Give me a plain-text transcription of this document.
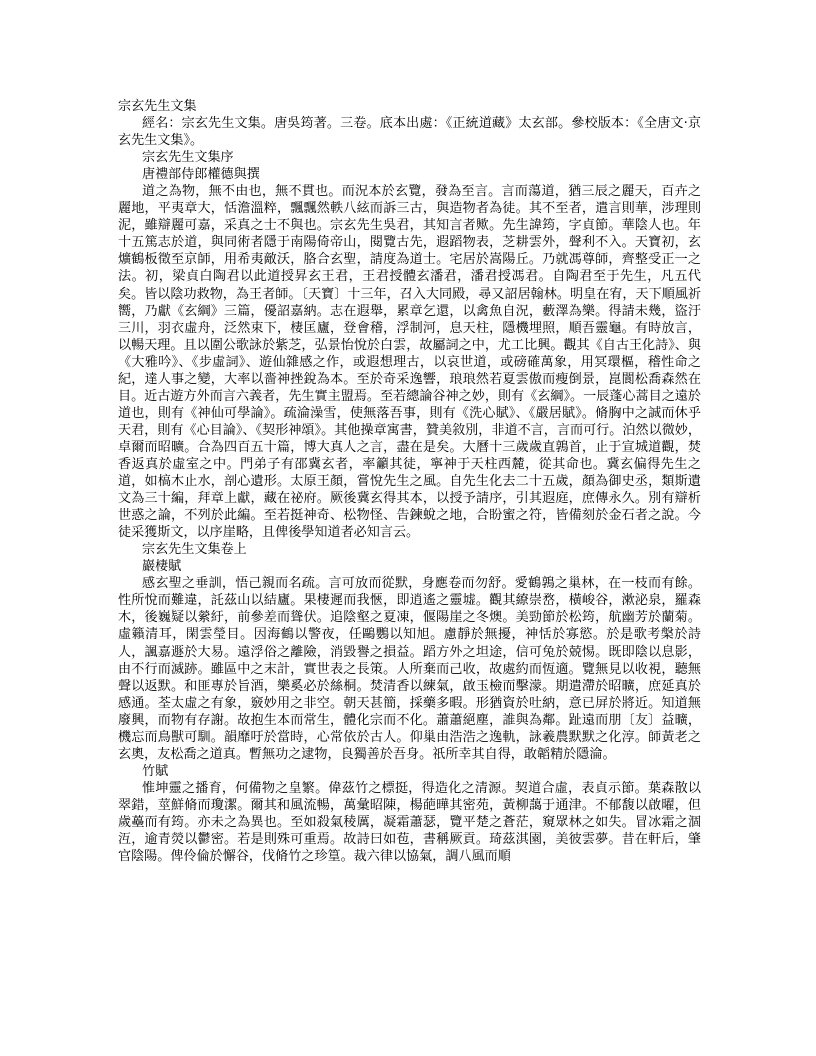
宗玄先生文集

經名：宗玄先生文集。唐吳筠著。三卷。底本出處：《正統道藏》太玄部。參校版本：《全唐文‧京玄先生文集》。

宗玄先生文集序

唐禮部侍郎權德與撰

道之為物，無不由也，無不貫也。而況本於玄覽，發為至言。言而蕩道，猶三辰之麗天，百卉之麗地，平夷章大，恬澹溫粹，飄飄然軼八絃而訴三古，與造物者為徒。其不至者，遣言則華，涉理則泥，雖辯麗可嘉，采真之士不與也。宗玄先生吳君，其知言者歟。先生諱筠，字貞節。華陰人也。年十五篤志於道，與同術者隱于南陽倚帝山，閱覽古先，遐蹈物表，芝耕雲外，聲利不入。天寶初，玄爌鶴板徵至京師，用希夷敵沃，胳合玄聖，請度為道士。宅居於嵩陽丘。乃就馮尊師，齊整受正一之法。初，梁貞白陶君以此道授昇玄王君，王君授體玄潘君，潘君授馮君。自陶君至于先生，凡五代矣。皆以陰功救物，為王者師。〔天寶〕十三年，召入大同殿，尋又詔居翰林。明皇在宥，天下順風祈嚮，乃獻《玄綱》三篇，優詔嘉納。志在遐舉，累章乞還，以禽魚自況，藪澤為樂。得請未幾，盜汙三川，羽衣虛舟，泛然束下，棲匡廬，登會稽，浮制河，息天柱，隱機埋照，順吾靈龜。有時放言，以暢天理。且以圍公歌詠於紫芝，弘景怡悅於白雲，故屬詞之中，尤工比興。觀其《自古王化詩》、與《大雅吟》、《步虛詞》、遊仙雜感之作，或遐想理古，以哀世道，或磅確萬象，用冥環樞，稽性命之紀，達人事之變，大率以嗇神挫銳為本。至於奇采逸響，琅琅然若夏雲傲而瘦倒景，崑閬松喬森然在目。近古遊方外而言六義者，先生實主盟焉。至若總論谷神之妙，則有《玄綱》。一辰蓬心蒿目之遠於道也，則有《神仙可學論》。疏淪澡雪，使無落吾事，則有《洗心賦》、《嚴居賦》。脩胸中之誠而休乎天君，則有《心目論》、《契形神頌》。其他操章寓書，贊美敘別，非道不言，言而可行。泊然以微妙，卓爾而昭曠。合為四百五十篇，博大真人之言，盡在是矣。大曆十三歲歲直鶉首，止于宣城道觀，焚香返真於虛室之中。門弟子有邵冀玄者，率籲其徒，寧神于天柱西麓，從其命也。冀玄偏得先生之道，如槁木止水，剖心遺形。太原王顏，嘗悅先生之風。自先生化去二十五歲，顏為御史丞，類斯遺文為三十編，拜章上獻，藏在祕府。厥後冀玄得其本，以授予請序，引其遐庭，庶傳永久。別有辯析世惑之論，不列於此編。至若挺神奇、松物怪、告鍊蛻之地，合盼蜜之符，皆備刻於金石者之說。今徒采獲斯文，以序崖略，且俾後學知道者必知言云。

宗玄先生文集卷上

巖棲賦

感玄聖之垂訓，悟己親而名疏。言可放而從默，身應卷而勿舒。愛鶴鶉之巢林，在一枝而有餘。性所悅而難違，託茲山以結廬。果棲遲而我愜，即逍遙之靈墟。觀其繚崇嵍，橫峻谷，漱泌泉，羅森木，後巍疑以縈紆，前參差而聳伏。追陰壑之夏凍，偃陽崖之冬燠。美勁節於松筠，航幽芳於蘭菊。虛籟清耳，閑雲瑩目。因海鶴以警夜，任鷗鸚以知旭。慮靜於無擾，神恬於寡慾。於是歌考槃於詩人，諷嘉遯於大易。遠浮俗之離險，消毀譽之損益。蹈方外之坦途，信可兔於兢惕。既即陰以息影，由不行而滅跡。雖區中之末計，實世表之長策。人所棄而己收，故處約而恆適。覽無見以收視，聽無聲以返默。和匪專於旨酒，樂奚必於絲桐。焚清香以練氣，啟玉檢而擊濛。期遣滯於昭曠，庶延真於感通。荃太虛之有象，竅妙用之非空。朝天甚簡，採藥多暇。形猶資於吐納，意已屏於將近。知道無廢興，而物有存謝。故抱生本而常生，體化宗而不化。蕭蕭絕塵，誰與為鄰。趾遠而朋〔友〕益曠，機忘而鳥獸可馴。韻靡吁於當時，心常依於古人。仰巢由浩浩之逸軌，詠羲農默默之化淳。師黃老之玄奧，友松喬之道真。暫無功之逮物，良獨善於吾身。祇所幸其自得，敢韜精於隱淪。

竹賦

惟坤靈之播育，何備物之皇繁。偉茲竹之標挺，得造化之清源。契道合虛，表貞示節。葉森散以翠錯，莖鮮脩而瓊潔。爾其和風流暢，萬彙昭陳，楊葩曄其密苑，黃柳藹于通津。不郁馥以啟曜，但歲蘲而有筠。亦未之為異也。至如殺氣稜厲，凝霜蕭瑟，覽平楚之蒼茫，窺眾林之如失。冒冰霜之涸沍，逾青熒以鬱密。若是則殊可重焉。故詩曰如苞，書稱厥貢。琦茲淇園，美彼雲夢。昔在軒后，肇官陰陽。俾伶倫於懈谷，伐脩竹之珍篁。裁六律以協氣，調八風而順
